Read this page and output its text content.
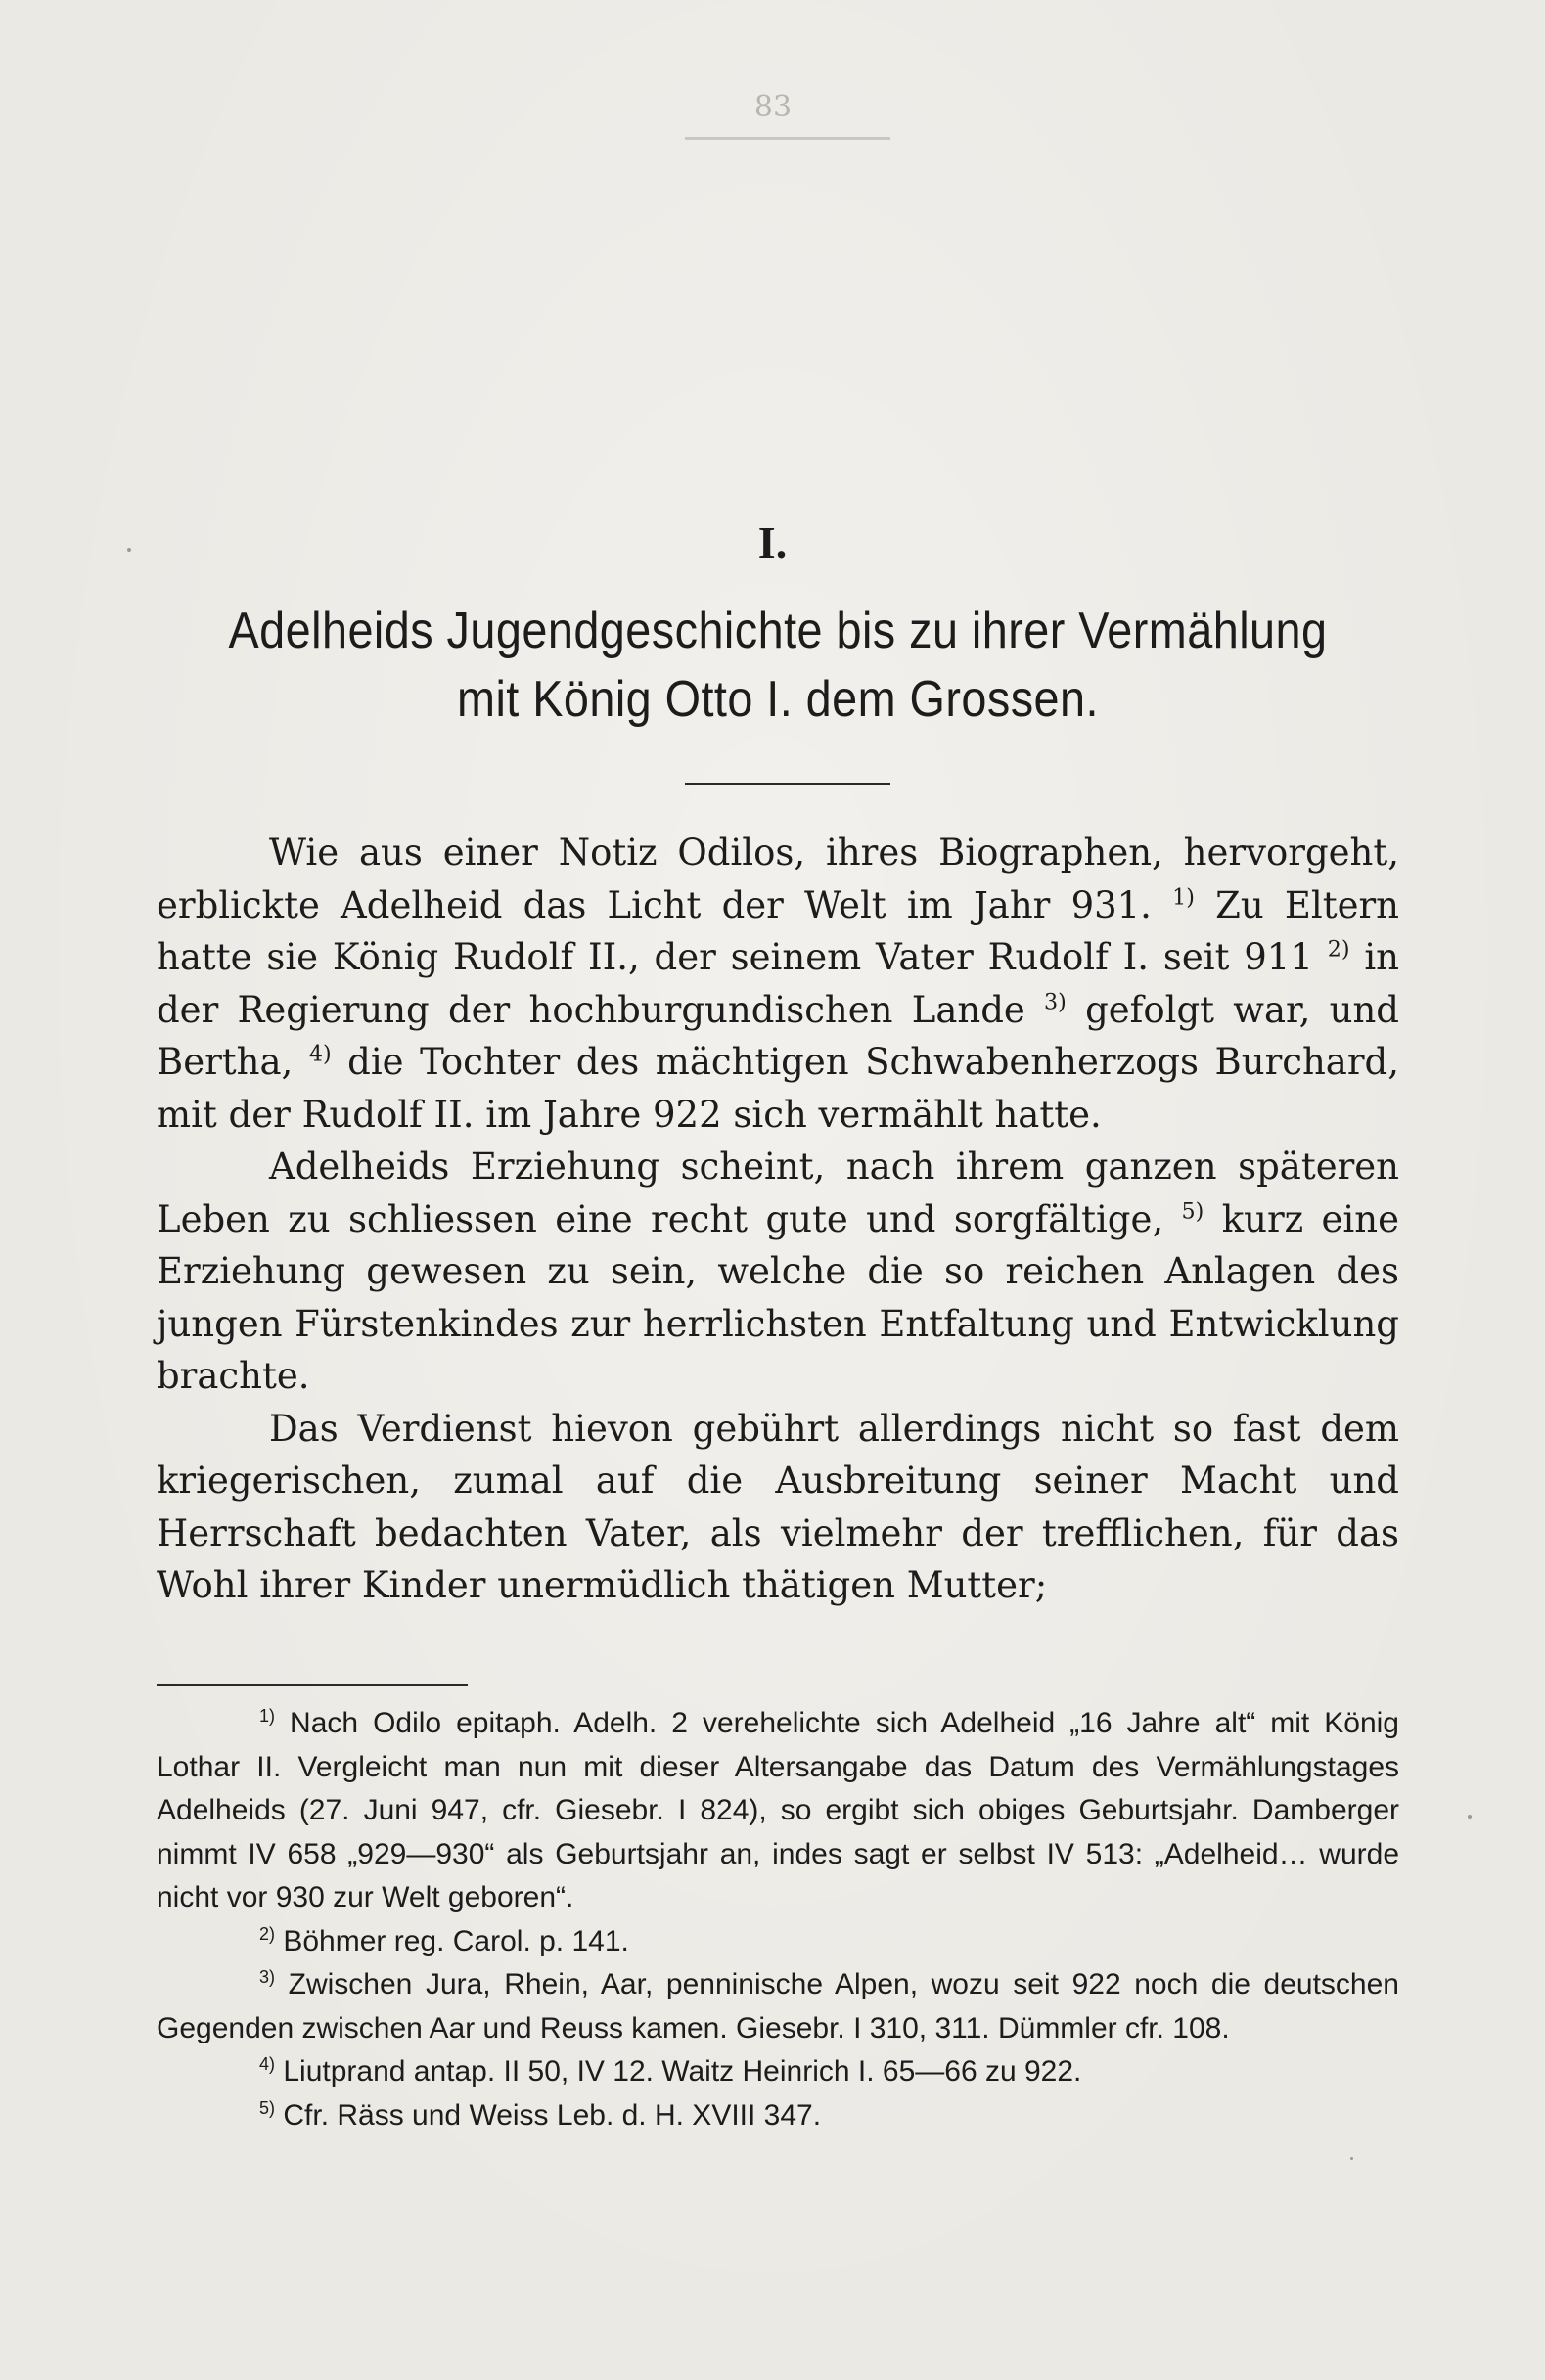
83
I.
Adelheids Jugendgeschichte bis zu ihrer Vermählung
mit König Otto I. dem Grossen.

Wie aus einer Notiz Odilos, ihres Biographen, hervorgeht, erblickte Adelheid das Licht der Welt im Jahr 931. $^{1)}$ Zu Eltern hatte sie König Rudolf II., der seinem Vater Rudolf I. seit 911 $^{2)}$ in der Regierung der hochburgundischen Lande $^{3)}$ gefolgt war, und Bertha, $^{4)}$ die Tochter des mächtigen Schwabenherzogs Burchard, mit der Rudolf II. im Jahre 922 sich vermählt hatte.

Adelheids Erziehung scheint, nach ihrem ganzen späteren Leben zu schliessen eine recht gute und sorgfältige, $^{5)}$ kurz eine Erziehung gewesen zu sein, welche die so reichen Anlagen des jungen Fürstenkindes zur herrlichsten Entfaltung und Entwicklung brachte.

Das Verdienst hievon gebührt allerdings nicht so fast dem kriegerischen, zumal auf die Ausbreitung seiner Macht und Herrschaft bedachten Vater, als vielmehr der trefflichen, für das Wohl ihrer Kinder unermüdlich thätigen Mutter;

$^{1)}$ Nach Odilo epitaph. Adelh. 2 verehelichte sich Adelheid „16 Jahre alt“ mit König Lothar II. Vergleicht man nun mit dieser Altersangabe das Datum des Vermählungstages Adelheids (27. Juni 947, cfr. Giesebr. I 824), so ergibt sich obiges Geburtsjahr. Damberger nimmt IV 658 „929—930“ als Geburtsjahr an, indes sagt er selbst IV 513: „Adelheid… wurde nicht vor 930 zur Welt geboren“.

$^{2)}$ Böhmer reg. Carol. p. 141.

$^{3)}$ Zwischen Jura, Rhein, Aar, penninische Alpen, wozu seit 922 noch die deutschen Gegenden zwischen Aar und Reuss kamen. Giesebr. I 310, 311. Dümmler cfr. 108.

$^{4)}$ Liutprand antap. II 50, IV 12. Waitz Heinrich I. 65—66 zu 922.

$^{5)}$ Cfr. Räss und Weiss Leb. d. H. XVIII 347.
